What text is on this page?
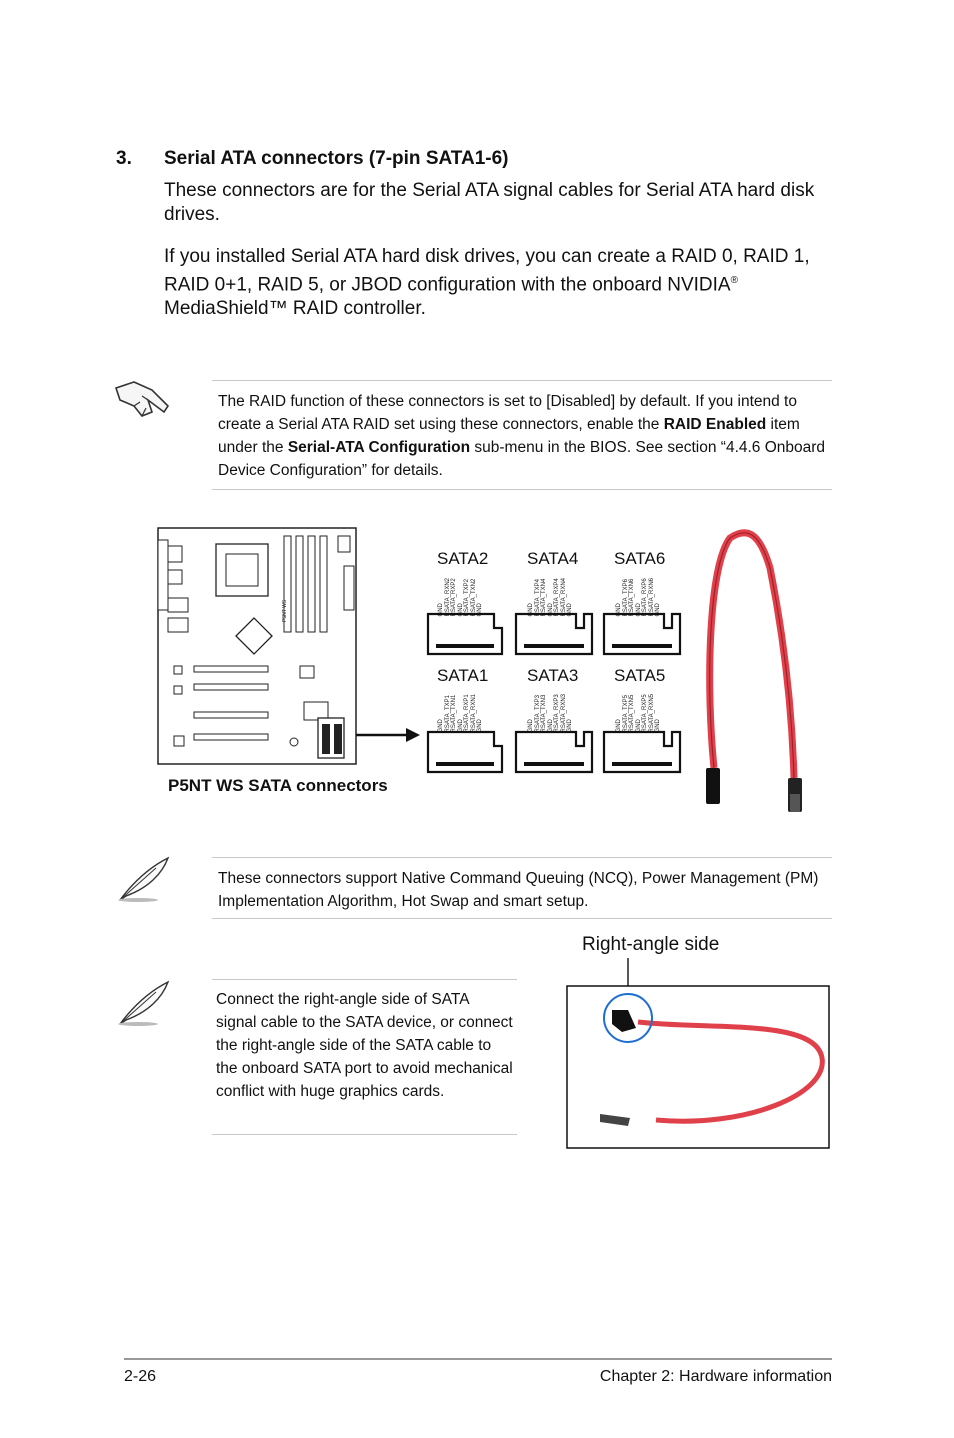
3. Serial ATA connectors (7-pin SATA1-6)
These connectors are for the Serial ATA signal cables for Serial ATA hard disk drives.
If you installed Serial ATA hard disk drives, you can create a RAID 0, RAID 1, RAID 0+1, RAID 5, or JBOD configuration with the onboard NVIDIA® MediaShield™ RAID controller.
The RAID function of these connectors is set to [Disabled] by default. If you intend to create a Serial ATA RAID set using these connectors, enable the RAID Enabled item under the Serial-ATA Configuration sub-menu in the BIOS. See section “4.4.6 Onboard Device Configuration” for details.
P5NT WS
P5NT WS SATA connectors
SATA2 SATA4 SATA6
SATA1 SATA3 SATA5
GND RSATA_RXN2 RSATA_RXP2 GND RSATA_TXP2 RSATA_TXN2 GND	GND RSATA_TXP4 RSATA_TXN4 GND RSATA_RXP4 RSATA_RXN4 GND	GND RSATA_TXP6 RSATA_TXN6 GND RSATA_RXP6 RSATA_RXN6 GND
GND RSATA_TXP1 RSATA_TXN1 GND RSATA_RXP1 RSATA_RXN1 GND	GND RSATA_TXP3 RSATA_TXN3 GND RSATA_RXP3 RSATA_RXN3 GND	GND RSATA_TXP5 RSATA_TXN5 GND RSATA_RXP5 RSATA_RXN5 GND
These connectors support Native Command Queuing (NCQ), Power Management (PM) Implementation Algorithm, Hot Swap and smart setup.
Connect the right-angle side of SATA signal cable to the SATA device, or connect the right-angle side of the SATA cable to the onboard SATA port to avoid mechanical conflict with huge graphics cards.
Right-angle side
2-26	Chapter 2: Hardware information
